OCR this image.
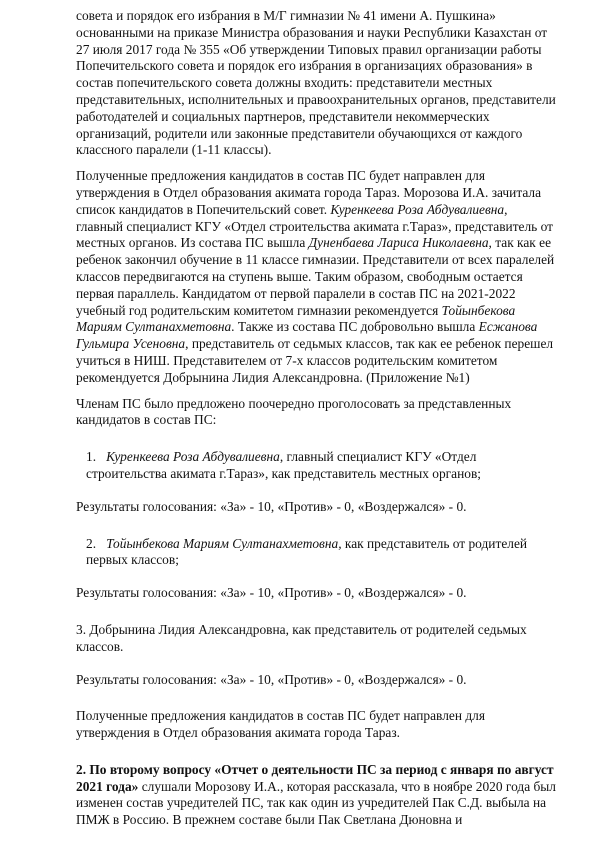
совета и порядок его избрания в М/Г гимназии № 41 имени А. Пушкина» основанными на приказе Министра образования и науки Республики Казахстан от 27 июля 2017 года № 355 «Об утверждении Типовых правил организации работы Попечительского совета и порядок его избрания в организациях образования» в состав попечительского совета должны входить: представители местных представительных, исполнительных и правоохранительных органов, представители работодателей и социальных партнеров, представители некоммерческих организаций, родители или законные представители обучающихся от каждого классного паралели (1-11 классы).

Полученные предложения кандидатов в состав ПС будет направлен для утверждения в Отдел образования акимата города Тараз. Морозова И.А. зачитала список кандидатов в Попечительский совет. Куренкеева Роза Абдувалиевна, главный специалист КГУ «Отдел строительства акимата г.Тараз», представитель от местных органов. Из состава ПС вышла Дуненбаева Лариса Николаевна, так как ее ребенок закончил обучение в 11 классе гимназии. Представители от всех паралелей классов передвигаются на ступень выше. Таким образом, свободным остается первая параллель. Кандидатом от первой паралели в состав ПС на 2021-2022 учебный год родительским комитетом гимназии рекомендуется Тойынбекова Мариям Султанахметовна. Также из состава ПС добровольно вышла Есжанова Гульмира Усеновна, представитель от седьмых классов, так как ее ребенок перешел учиться в НИШ. Представителем от 7-х классов родительским комитетом рекомендуется Добрынина Лидия Александровна. (Приложение №1)

Членам ПС было предложено поочередно проголосовать за представленных кандидатов в состав ПС:

1. Куренкеева Роза Абдувалиевна, главный специалист КГУ «Отдел строительства акимата г.Тараз», как представитель местных органов;

Результаты голосования: «За» - 10, «Против» - 0, «Воздержался» - 0.

2. Тойынбекова Мариям Султанахметовна, как представитель от родителей первых классов;

Результаты голосования: «За» - 10, «Против» - 0, «Воздержался» - 0.

3. Добрынина Лидия Александровна, как представитель от родителей седьмых классов.

Результаты голосования: «За» - 10, «Против» - 0, «Воздержался» - 0.

Полученные предложения кандидатов в состав ПС будет направлен для утверждения в Отдел образования акимата города Тараз.

2. По второму вопросу «Отчет о деятельности ПС за период с января по август 2021 года» слушали Морозову И.А., которая рассказала, что в ноябре 2020 года был изменен состав учредителей ПС, так как один из учредителей Пак С.Д. выбыла на ПМЖ в Россию. В прежнем составе были Пак Светлана Дюновна и
